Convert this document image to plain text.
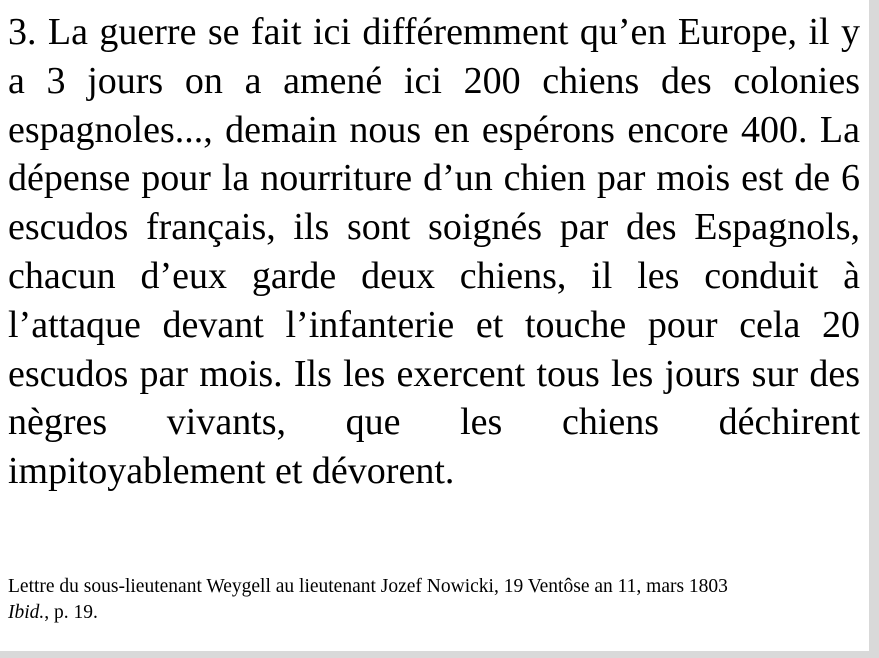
3. La guerre se fait ici différemment qu’en Europe, il y a 3 jours on a amené ici 200 chiens des colonies espagnoles..., demain nous en espérons encore 400. La dépense pour la nourriture d’un chien par mois est de 6 escudos français, ils sont soignés par des Espagnols, chacun d’eux garde deux chiens, il les conduit à l’attaque devant l’infanterie et touche pour cela 20 escudos par mois. Ils les exercent tous les jours sur des nègres vivants, que les chiens déchirent impitoyablement et dévorent.

Lettre du sous-lieutenant Weygell au lieutenant Jozef Nowicki, 19 Ventôse an 11, mars 1803
Ibid., p. 19.
